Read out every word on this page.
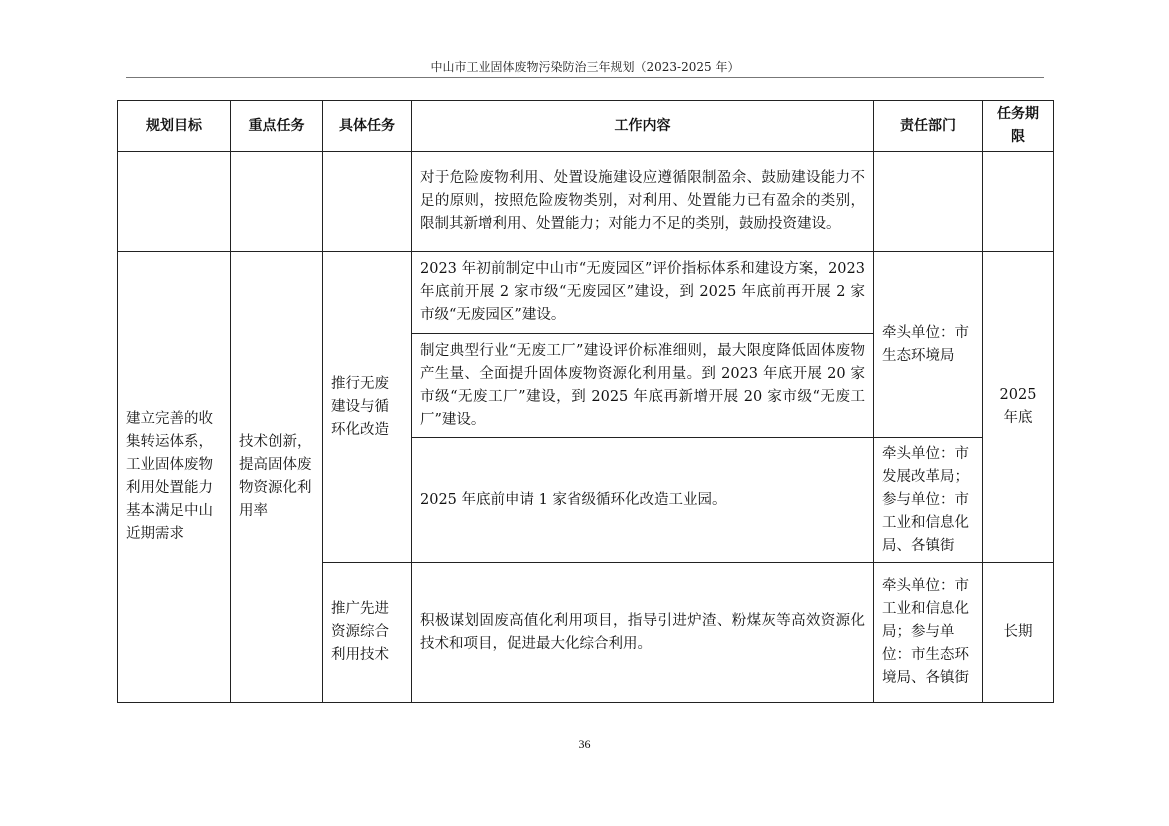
中山市工业固体废物污染防治三年规划（2023-2025 年）
规划目标	重点任务	具体任务	工作内容	责任部门	任务期限
			对于危险废物利用、处置设施建设应遵循限制盈余、鼓励建设能力不足的原则，按照危险废物类别，对利用、处置能力已有盈余的类别，限制其新增利用、处置能力；对能力不足的类别，鼓励投资建设。		
建立完善的收集转运体系，工业固体废物利用处置能力基本满足中山近期需求	技术创新，提高固体废物资源化利用率	推行无废建设与循环化改造	2023 年初前制定中山市“无废园区”评价指标体系和建设方案，2023 年底前开展 2 家市级“无废园区”建设，到 2025 年底前再开展 2 家市级“无废园区”建设。	牵头单位：市生态环境局	2025 年底
			制定典型行业“无废工厂”建设评价标准细则，最大限度降低固体废物产生量、全面提升固体废物资源化利用量。到 2023 年底开展 20 家市级“无废工厂”建设，到 2025 年底再新增开展 20 家市级“无废工厂”建设。		
			2025 年底前申请 1 家省级循环化改造工业园。	牵头单位：市发展改革局；参与单位：市工业和信息化局、各镇街	
		推广先进资源综合利用技术	积极谋划固废高值化利用项目，指导引进炉渣、粉煤灰等高效资源化技术和项目，促进最大化综合利用。	牵头单位：市工业和信息化局；参与单位：市生态环境局、各镇街	长期
36
